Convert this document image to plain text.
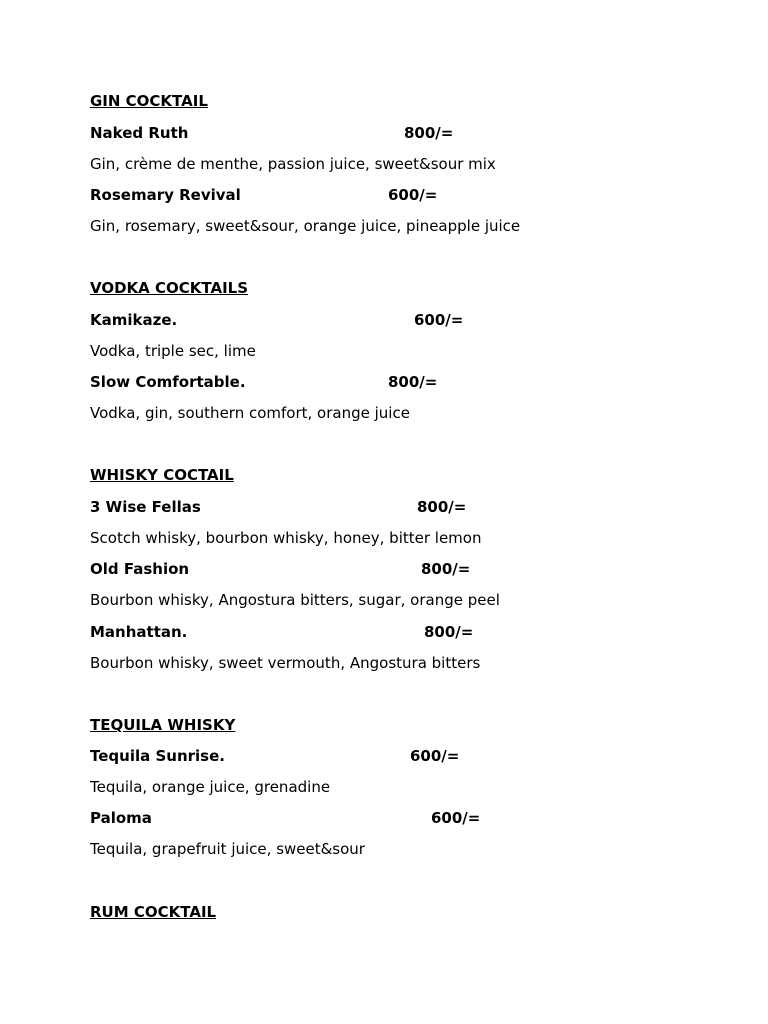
GIN COCKTAIL
Naked Ruth	800/=
Gin, crème de menthe, passion juice, sweet&sour mix
Rosemary Revival	600/=
Gin, rosemary, sweet&sour, orange juice, pineapple juice
VODKA COCKTAILS
Kamikaze.	600/=
Vodka, triple sec, lime
Slow Comfortable.	800/=
Vodka, gin, southern comfort, orange juice
WHISKY COCTAIL
3 Wise Fellas	800/=
Scotch whisky, bourbon whisky, honey, bitter lemon
Old Fashion	800/=
Bourbon whisky, Angostura bitters, sugar, orange peel
Manhattan.	800/=
Bourbon whisky, sweet vermouth, Angostura bitters
TEQUILA WHISKY
Tequila Sunrise.	600/=
Tequila, orange juice, grenadine
Paloma	600/=
Tequila, grapefruit juice, sweet&sour
RUM COCKTAIL
